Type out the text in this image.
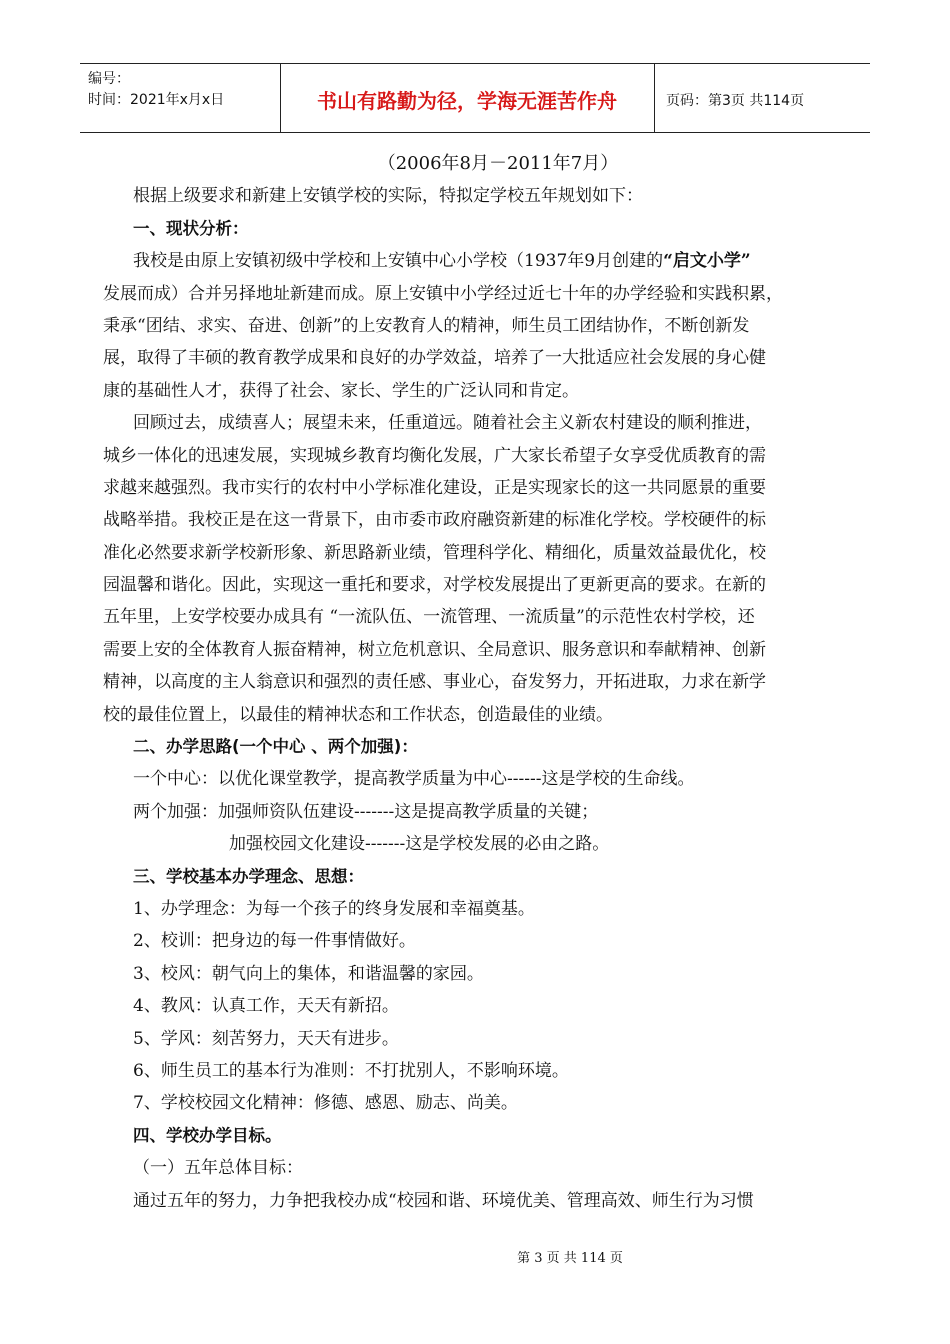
编号：
时间：2021年x月x日	书山有路勤为径，学海无涯苦作舟	页码：第3页 共114页
（2006年8月－2011年7月）
根据上级要求和新建上安镇学校的实际，特拟定学校五年规划如下：
一、现状分析：
我校是由原上安镇初级中学校和上安镇中心小学校（1937年9月创建的“启文小学”
发展而成）合并另择地址新建而成。原上安镇中小学经过近七十年的办学经验和实践积累，
秉承“团结、求实、奋进、创新”的上安教育人的精神，师生员工团结协作，不断创新发
展，取得了丰硕的教育教学成果和良好的办学效益，培养了一大批适应社会发展的身心健
康的基础性人才，获得了社会、家长、学生的广泛认同和肯定。
回顾过去，成绩喜人；展望未来，任重道远。随着社会主义新农村建设的顺利推进，
城乡一体化的迅速发展，实现城乡教育均衡化发展，广大家长希望子女享受优质教育的需
求越来越强烈。我市实行的农村中小学标准化建设，正是实现家长的这一共同愿景的重要
战略举措。我校正是在这一背景下，由市委市政府融资新建的标准化学校。学校硬件的标
准化必然要求新学校新形象、新思路新业绩，管理科学化、精细化，质量效益最优化，校
园温馨和谐化。因此，实现这一重托和要求，对学校发展提出了更新更高的要求。在新的
五年里，上安学校要办成具有 “一流队伍、一流管理、一流质量”的示范性农村学校，还
需要上安的全体教育人振奋精神，树立危机意识、全局意识、服务意识和奉献精神、创新
精神，以高度的主人翁意识和强烈的责任感、事业心，奋发努力，开拓进取，力求在新学
校的最佳位置上，以最佳的精神状态和工作状态，创造最佳的业绩。
二、办学思路(一个中心 、两个加强)：
一个中心：以优化课堂教学，提高教学质量为中心------这是学校的生命线。
两个加强：加强师资队伍建设-------这是提高教学质量的关键；
加强校园文化建设-------这是学校发展的必由之路。
三、学校基本办学理念、思想：
1、办学理念：为每一个孩子的终身发展和幸福奠基。
2、校训：把身边的每一件事情做好。
3、校风：朝气向上的集体，和谐温馨的家园。
4、教风：认真工作，天天有新招。
5、学风：刻苦努力，天天有进步。
6、师生员工的基本行为准则：不打扰别人，不影响环境。
7、学校校园文化精神：修德、感恩、励志、尚美。
四、学校办学目标。
（一）五年总体目标：
通过五年的努力，力争把我校办成“校园和谐、环境优美、管理高效、师生行为习惯
第 3 页 共 114 页
